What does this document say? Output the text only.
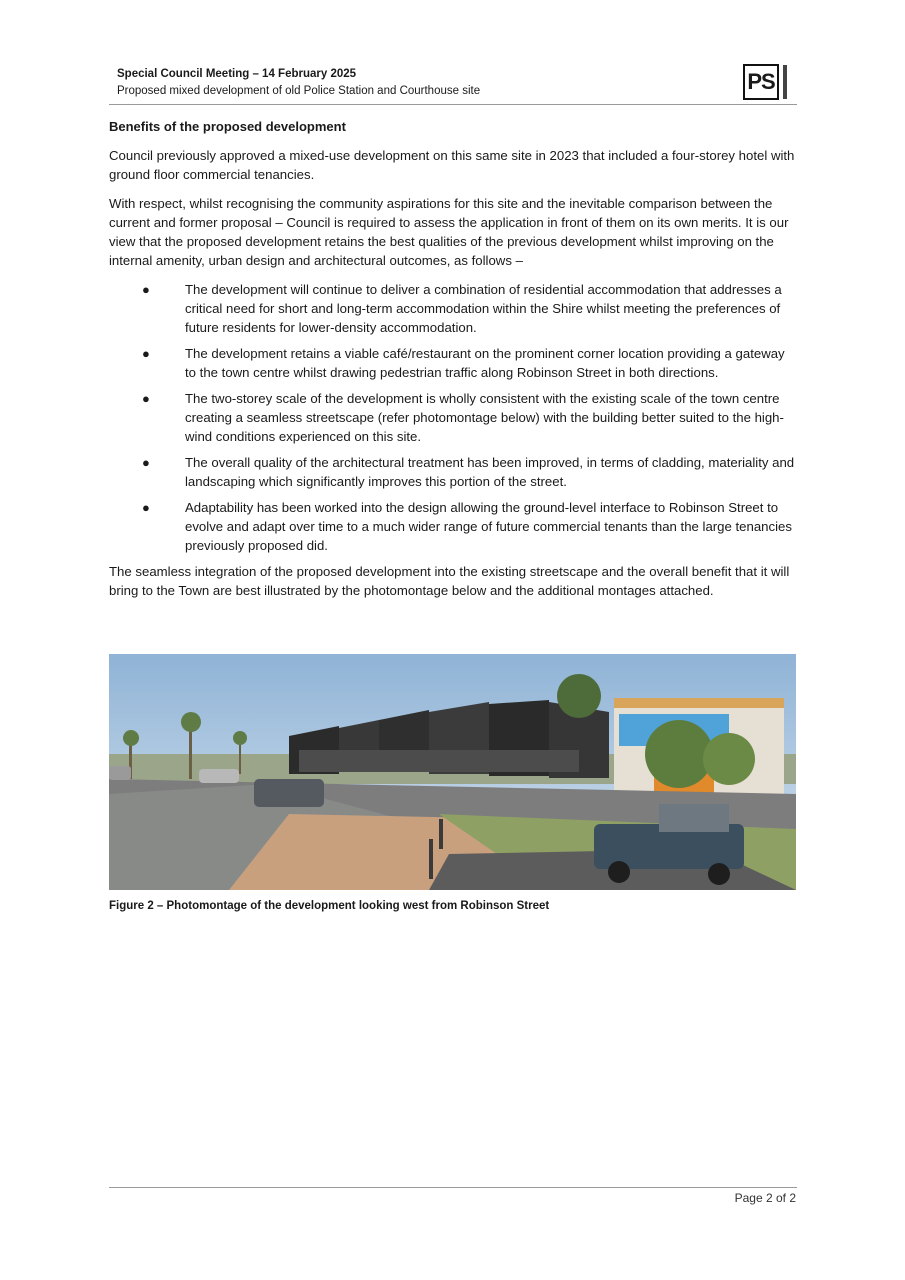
Special Council Meeting – 14 February 2025
Proposed mixed development of old Police Station and Courthouse site	PS
Benefits of the proposed development

Council previously approved a mixed-use development on this same site in 2023 that included a four-storey hotel with ground floor commercial tenancies.

With respect, whilst recognising the community aspirations for this site and the inevitable comparison between the current and former proposal – Council is required to assess the application in front of them on its own merits. It is our view that the proposed development retains the best qualities of the previous development whilst improving on the internal amenity, urban design and architectural outcomes, as follows –

●	The development will continue to deliver a combination of residential accommodation that addresses a critical need for short and long-term accommodation within the Shire whilst meeting the preferences of future residents for lower-density accommodation.
●	The development retains a viable café/restaurant on the prominent corner location providing a gateway to the town centre whilst drawing pedestrian traffic along Robinson Street in both directions.
●	The two-storey scale of the development is wholly consistent with the existing scale of the town centre creating a seamless streetscape (refer photomontage below) with the building better suited to the high-wind conditions experienced on this site.
●	The overall quality of the architectural treatment has been improved, in terms of cladding, materiality and landscaping which significantly improves this portion of the street.
●	Adaptability has been worked into the design allowing the ground-level interface to Robinson Street to evolve and adapt over time to a much wider range of future commercial tenants than the large tenancies previously proposed did.

The seamless integration of the proposed development into the existing streetscape and the overall benefit that it will bring to the Town are best illustrated by the photomontage below and the additional montages attached.

Figure 2 – Photomontage of the development looking west from Robinson Street
Page 2 of 2
